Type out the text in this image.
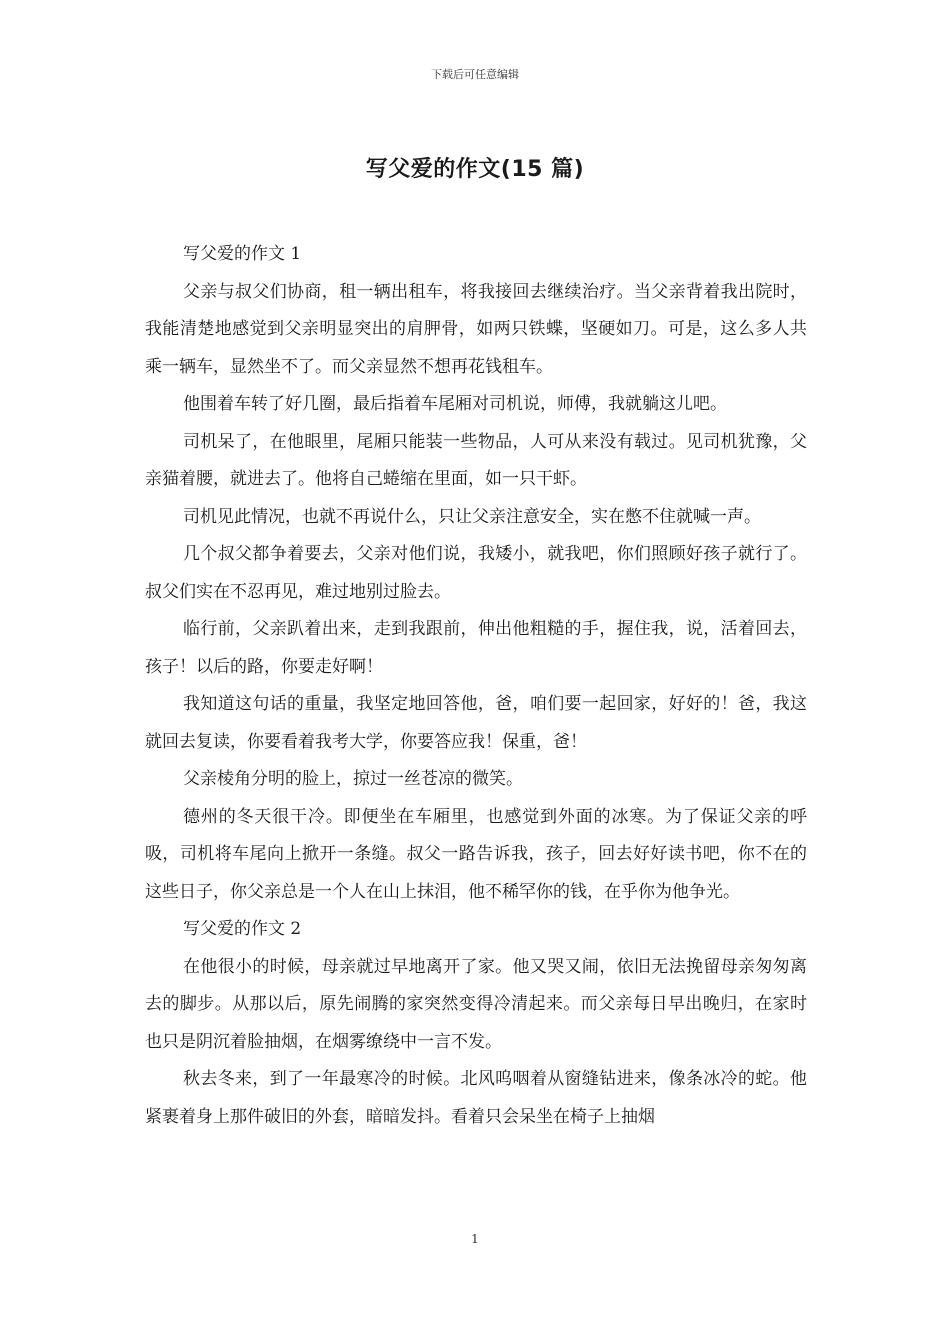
下载后可任意编辑
写父爱的作文(15 篇)

写父爱的作文 1

父亲与叔父们协商，租一辆出租车，将我接回去继续治疗。当父亲背着我出院时，我能清楚地感觉到父亲明显突出的肩胛骨，如两只铁蝶，坚硬如刀。可是，这么多人共乘一辆车，显然坐不了。而父亲显然不想再花钱租车。

他围着车转了好几圈，最后指着车尾厢对司机说，师傅，我就躺这儿吧。

司机呆了，在他眼里，尾厢只能装一些物品，人可从来没有载过。见司机犹豫，父亲猫着腰，就进去了。他将自己蜷缩在里面，如一只干虾。

司机见此情况，也就不再说什么，只让父亲注意安全，实在憋不住就喊一声。

几个叔父都争着要去，父亲对他们说，我矮小，就我吧，你们照顾好孩子就行了。叔父们实在不忍再见，难过地别过脸去。

临行前，父亲趴着出来，走到我跟前，伸出他粗糙的手，握住我，说，活着回去，孩子！以后的路，你要走好啊！

我知道这句话的重量，我坚定地回答他，爸，咱们要一起回家，好好的！爸，我这就回去复读，你要看着我考大学，你要答应我！保重，爸！

父亲棱角分明的脸上，掠过一丝苍凉的微笑。

德州的冬天很干冷。即便坐在车厢里，也感觉到外面的冰寒。为了保证父亲的呼吸，司机将车尾向上掀开一条缝。叔父一路告诉我，孩子，回去好好读书吧，你不在的这些日子，你父亲总是一个人在山上抹泪，他不稀罕你的钱，在乎你为他争光。

写父爱的作文 2

在他很小的时候，母亲就过早地离开了家。他又哭又闹，依旧无法挽留母亲匆匆离去的脚步。从那以后，原先闹腾的家突然变得冷清起来。而父亲每日早出晚归，在家时也只是阴沉着脸抽烟，在烟雾缭绕中一言不发。

秋去冬来，到了一年最寒冷的时候。北风呜咽着从窗缝钻进来，像条冰冷的蛇。他紧裹着身上那件破旧的外套，暗暗发抖。看着只会呆坐在椅子上抽烟

1
